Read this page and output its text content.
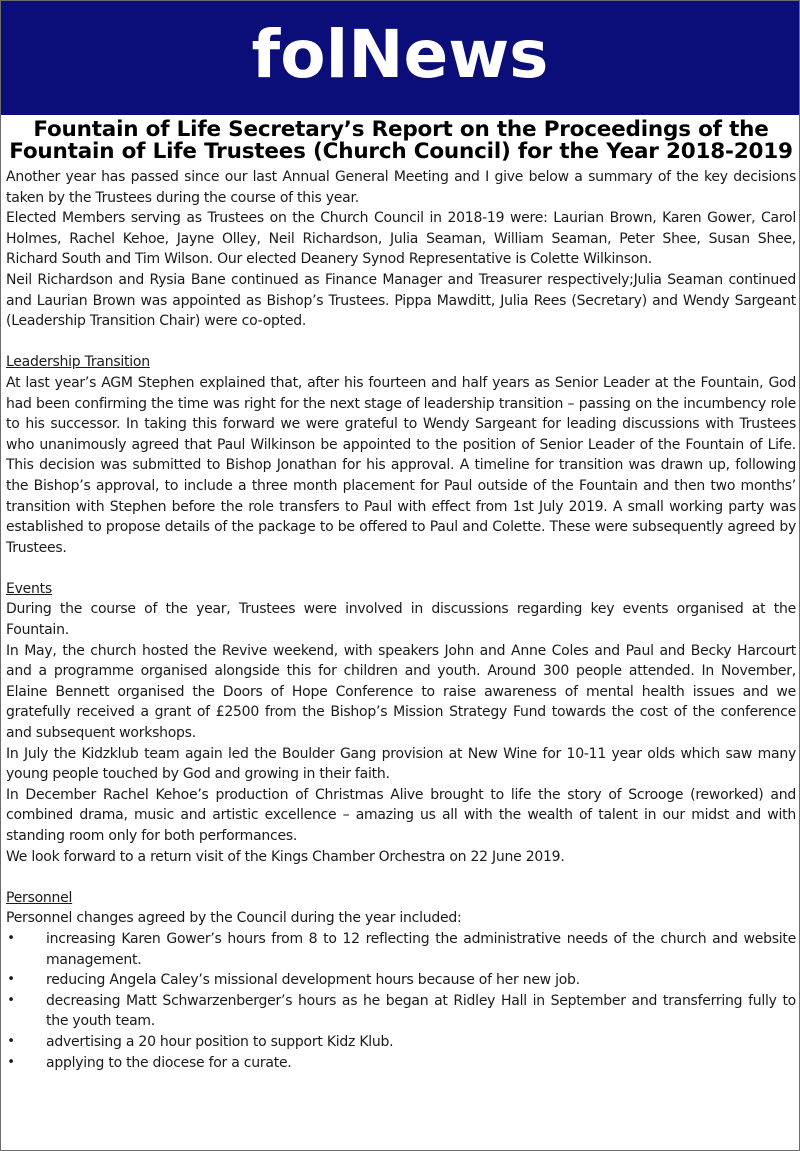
folNews
Fountain of Life Secretary’s Report on the Proceedings of the Fountain of Life Trustees (Church Council) for the Year 2018-2019

Another year has passed since our last Annual General Meeting and I give below a summary of the key decisions taken by the Trustees during the course of this year.

Elected Members serving as Trustees on the Church Council in 2018-19 were: Laurian Brown, Karen Gower, Carol Holmes, Rachel Kehoe, Jayne Olley, Neil Richardson, Julia Seaman, William Seaman, Peter Shee, Susan Shee, Richard South and Tim Wilson. Our elected Deanery Synod Representative is Colette Wilkinson.

Neil Richardson and Rysia Bane continued as Finance Manager and Treasurer respectively;Julia Seaman continued and Laurian Brown was appointed as Bishop’s Trustees. Pippa Mawditt, Julia Rees (Secretary) and Wendy Sargeant (Leadership Transition Chair) were co-opted.

Leadership Transition

At last year’s AGM Stephen explained that, after his fourteen and half years as Senior Leader at the Fountain, God had been confirming the time was right for the next stage of leadership transition – passing on the incumbency role to his successor. In taking this forward we were grateful to Wendy Sargeant for leading discussions with Trustees who unanimously agreed that Paul Wilkinson be appointed to the position of Senior Leader of the Fountain of Life. This decision was submitted to Bishop Jonathan for his approval. A timeline for transition was drawn up, following the Bishop’s approval, to include a three month placement for Paul outside of the Fountain and then two months’ transition with Stephen before the role transfers to Paul with effect from 1st July 2019. A small working party was established to propose details of the package to be offered to Paul and Colette. These were subsequently agreed by Trustees.

Events

During the course of the year, Trustees were involved in discussions regarding key events organised at the Fountain.

In May, the church hosted the Revive weekend, with speakers John and Anne Coles and Paul and Becky Harcourt and a programme organised alongside this for children and youth. Around 300 people attended. In November, Elaine Bennett organised the Doors of Hope Conference to raise awareness of mental health issues and we gratefully received a grant of £2500 from the Bishop’s Mission Strategy Fund towards the cost of the conference and subsequent workshops.

In July the Kidzklub team again led the Boulder Gang provision at New Wine for 10-11 year olds which saw many young people touched by God and growing in their faith.

In December Rachel Kehoe’s production of Christmas Alive brought to life the story of Scrooge (reworked) and combined drama, music and artistic excellence – amazing us all with the wealth of talent in our midst and with standing room only for both performances.

We look forward to a return visit of the Kings Chamber Orchestra on 22 June 2019.

Personnel

Personnel changes agreed by the Council during the year included:

• increasing Karen Gower’s hours from 8 to 12 reflecting the administrative needs of the church and website management.
• reducing Angela Caley’s missional development hours because of her new job.
• decreasing Matt Schwarzenberger’s hours as he began at Ridley Hall in September and transferring fully to the youth team.
• advertising a 20 hour position to support Kidz Klub.
• applying to the diocese for a curate.
